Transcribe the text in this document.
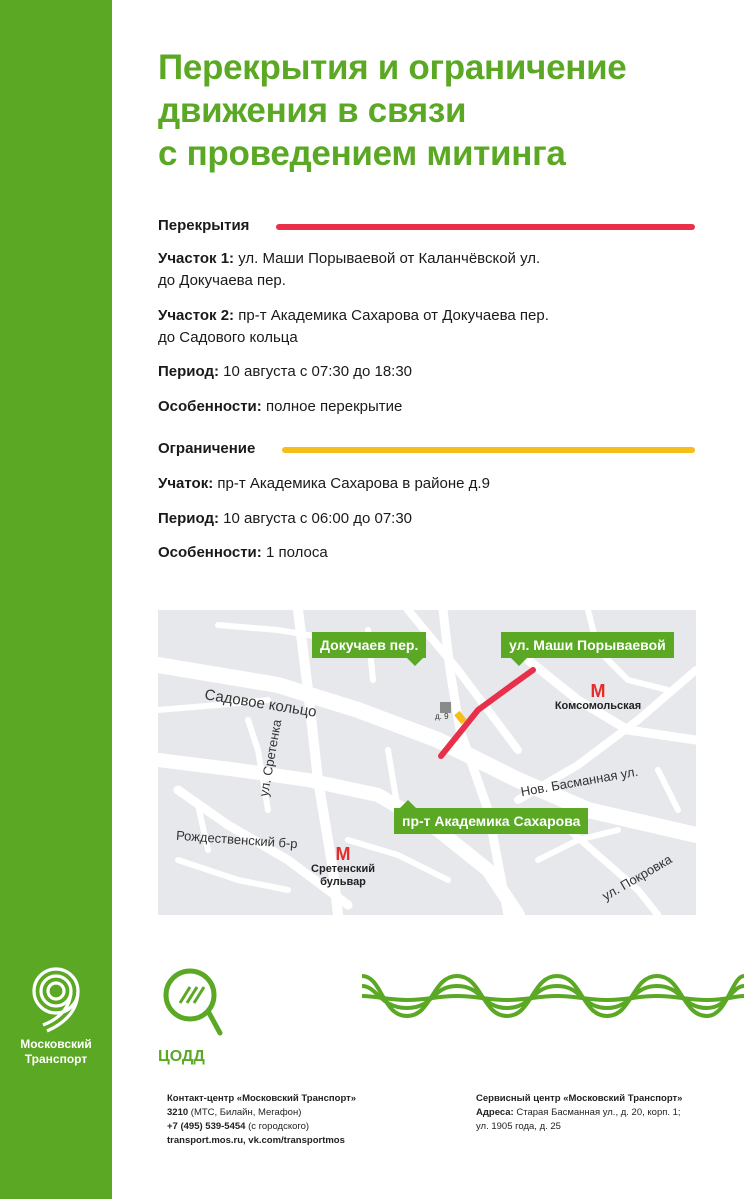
Московский
Транспорт
Перекрытия и ограничение
движения в связи
с проведением митинга
Перекрытия
Участок 1: ул. Маши Порываевой от Каланчёвской ул.
до Докучаева пер.
Участок 2: пр-т Академика Сахарова от Докучаева пер.
до Садового кольца
Период: 10 августа с 07:30 до 18:30
Особенности: полное перекрытие
Ограничение
Учаток: пр-т Академика Сахарова в районе д.9
Период: 10 августа с 06:00 до 07:30
Особенности: 1 полоса
Докучаев пер.	ул. Маши Порываевой
пр-т Академика Сахарова
Садовое кольцо
ул. Сретенка
Рождественский б-р
Нов. Басманная ул.
ул. Покровка
д. 9
М
Комсомольская
М
Сретенский
бульвар
ЦОДД
Контакт-центр «Московский Транспорт»
3210 (МТС, Билайн, Мегафон)
+7 (495) 539-5454 (с городского)
transport.mos.ru, vk.com/transportmos
Сервисный центр «Московский Транспорт»
Адреса: Старая Басманная ул., д. 20, корп. 1;
ул. 1905 года, д. 25
